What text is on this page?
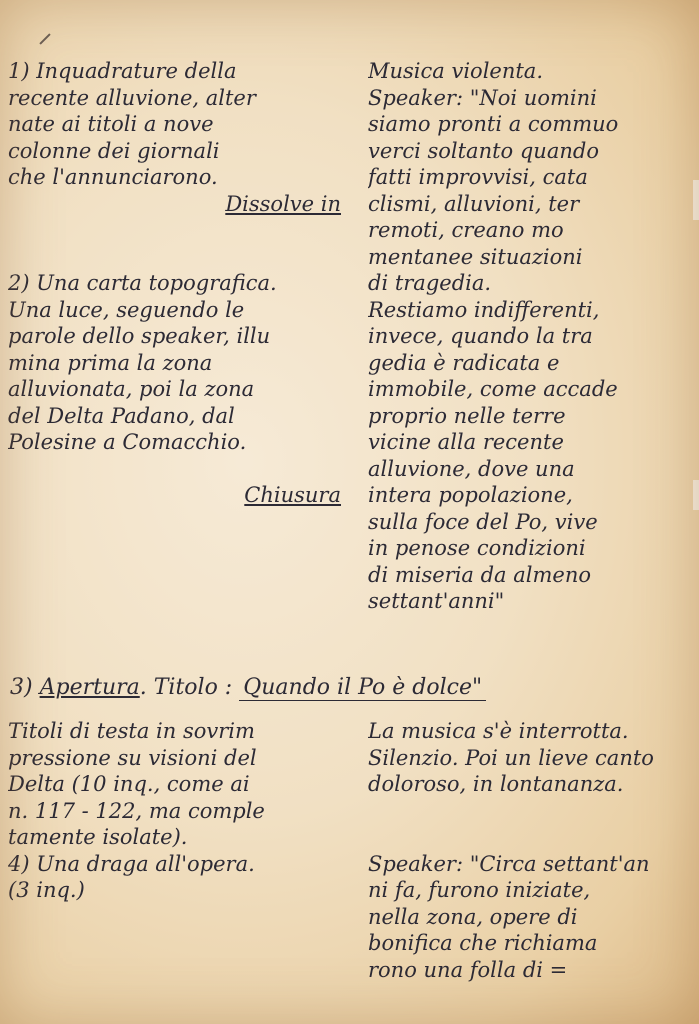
1) Inquadrature della
recente alluvione, alter
nate ai titoli a nove
colonne dei giornali
che l'annunciarono.
Dissolve in
2) Una carta topografica.
Una luce, seguendo le
parole dello speaker, illu
mina prima la zona
alluvionata, poi la zona
del Delta Padano, dal
Polesine a Comacchio.
Chiusura
Musica violenta.
Speaker: "Noi uomini
siamo pronti a commuo
verci soltanto quando
fatti improvvisi, cata
clismi, alluvioni, ter
remoti, creano mo
mentanee situazioni
di tragedia.
Restiamo indifferenti,
invece, quando la tra
gedia è radicata e
immobile, come accade
proprio nelle terre
vicine alla recente
alluvione, dove una
intera popolazione,
sulla foce del Po, vive
in penose condizioni
di miseria da almeno
settant'anni"
3) Apertura. Titolo : Quando il Po è dolce"
Titoli di testa in sovrim
pressione su visioni del
Delta (10 inq., come ai
n. 117 - 122, ma comple
tamente isolate).
4) Una draga all'opera.
(3 inq.)
La musica s'è interrotta.
Silenzio. Poi un lieve canto
doloroso, in lontananza.
Speaker: "Circa settant'an
ni fa, furono iniziate,
nella zona, opere di
bonifica che richiama
rono una folla di =
